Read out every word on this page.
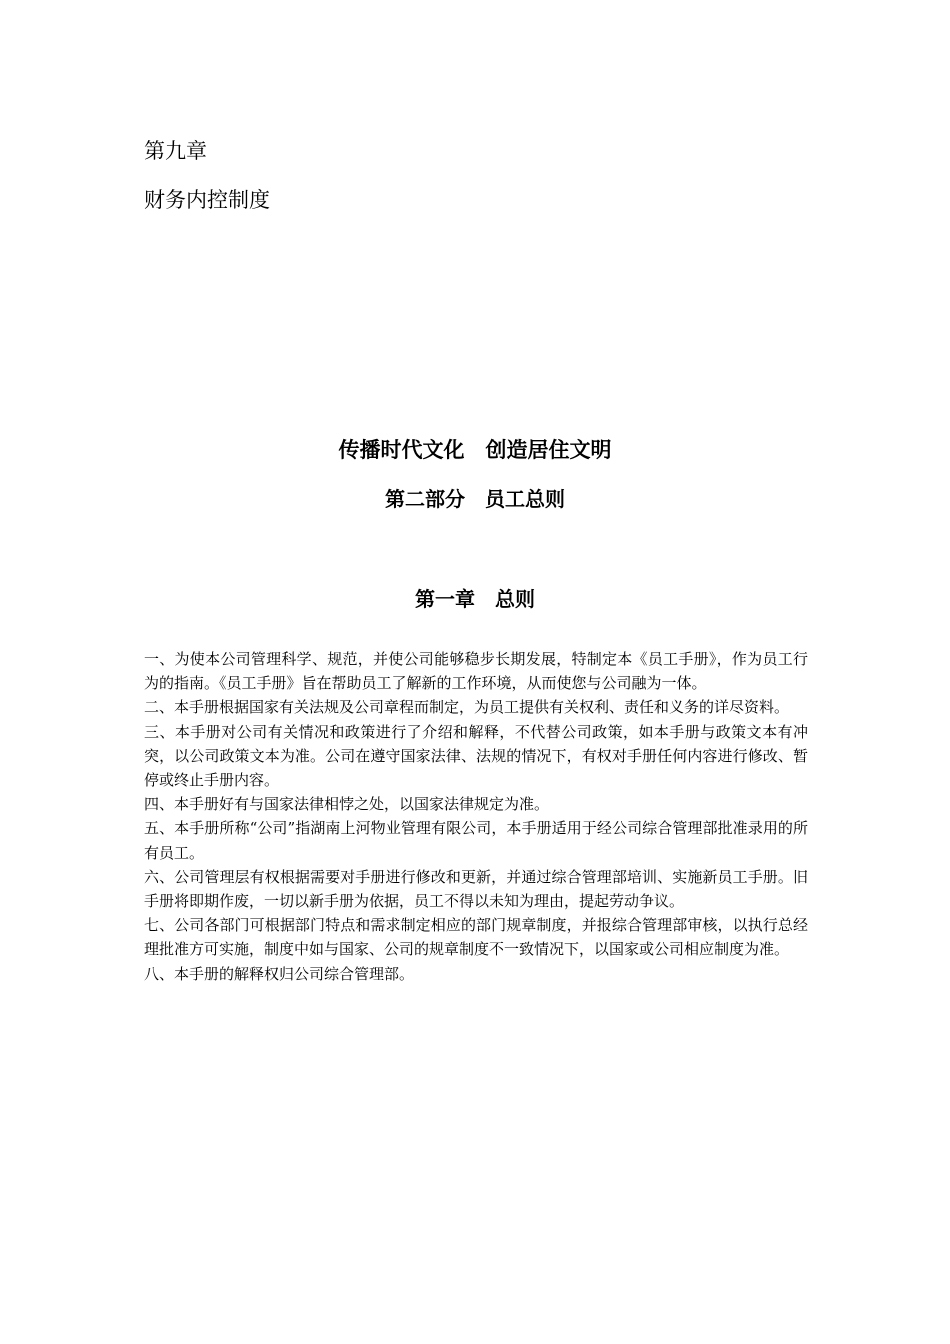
第九章
财务内控制度
传播时代文化　创造居住文明
第二部分　员工总则
第一章　总则
一、为使本公司管理科学、规范，并使公司能够稳步长期发展，特制定本《员工手册》，作为员工行为的指南。《员工手册》旨在帮助员工了解新的工作环境，从而使您与公司融为一体。
二、本手册根据国家有关法规及公司章程而制定，为员工提供有关权利、责任和义务的详尽资料。
三、本手册对公司有关情况和政策进行了介绍和解释，不代替公司政策，如本手册与政策文本有冲突，以公司政策文本为准。公司在遵守国家法律、法规的情况下，有权对手册任何内容进行修改、暂停或终止手册内容。
四、本手册好有与国家法律相悖之处，以国家法律规定为准。
五、本手册所称“公司”指湖南上河物业管理有限公司，本手册适用于经公司综合管理部批准录用的所有员工。
六、公司管理层有权根据需要对手册进行修改和更新，并通过综合管理部培训、实施新员工手册。旧手册将即期作废，一切以新手册为依据，员工不得以未知为理由，提起劳动争议。
七、公司各部门可根据部门特点和需求制定相应的部门规章制度，并报综合管理部审核，以执行总经理批准方可实施，制度中如与国家、公司的规章制度不一致情况下，以国家或公司相应制度为准。
八、本手册的解释权归公司综合管理部。
